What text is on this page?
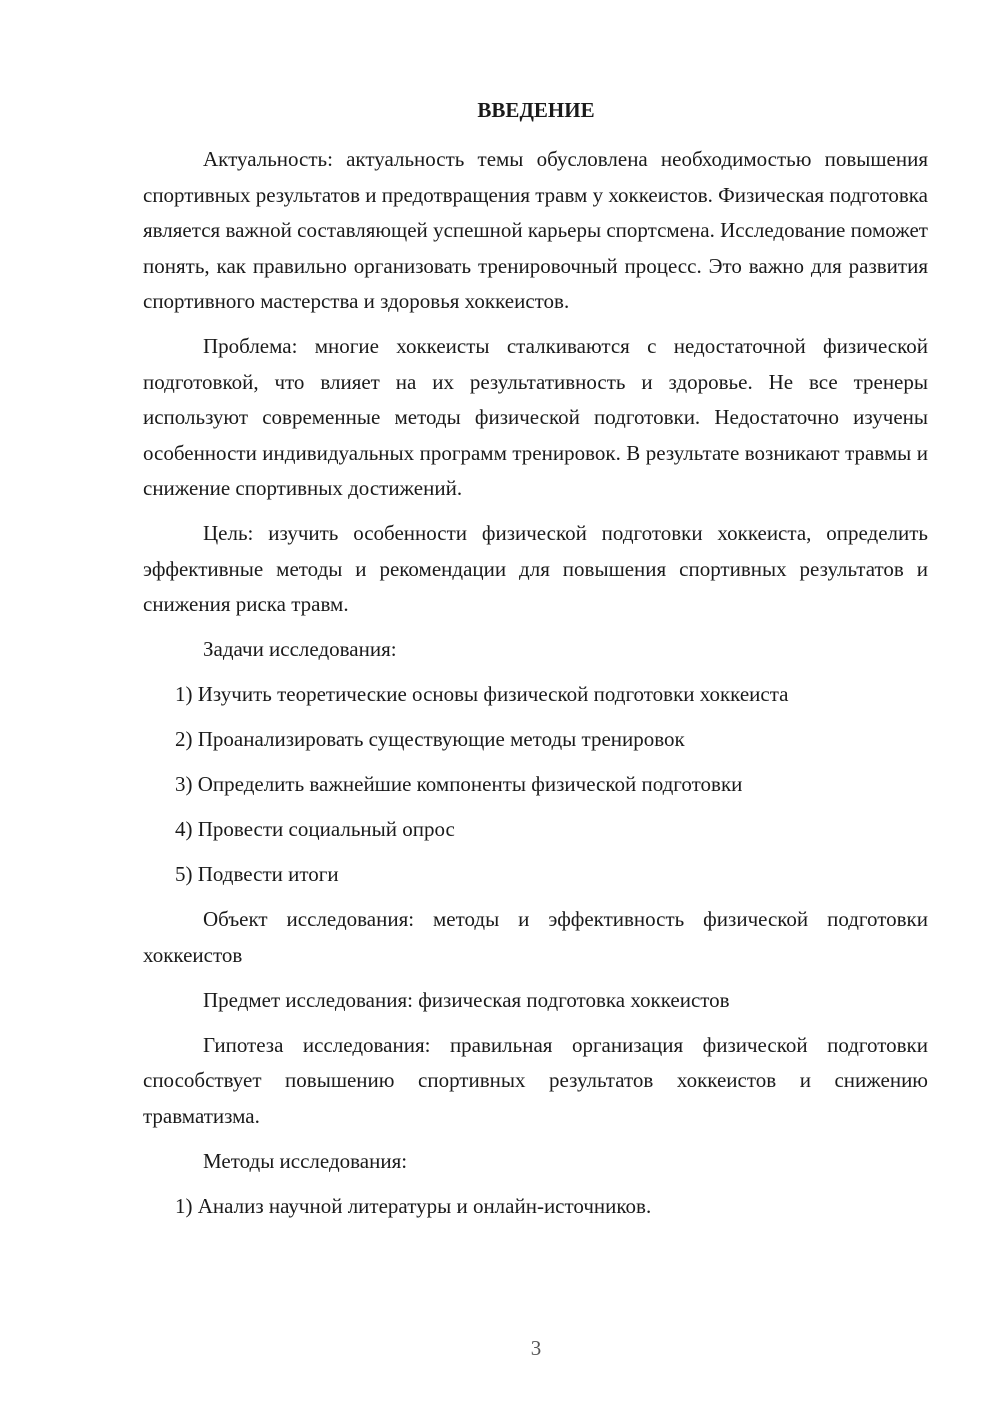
ВВЕДЕНИЕ

Актуальность: актуальность темы обусловлена необходимостью повышения спортивных результатов и предотвращения травм у хоккеистов. Физическая подготовка является важной составляющей успешной карьеры спортсмена. Исследование поможет понять, как правильно организовать тренировочный процесс. Это важно для развития спортивного мастерства и здоровья хоккеистов.

Проблема: многие хоккеисты сталкиваются с недостаточной физической подготовкой, что влияет на их результативность и здоровье. Не все тренеры используют современные методы физической подготовки. Недостаточно изучены особенности индивидуальных программ тренировок. В результате возникают травмы и снижение спортивных достижений.

Цель: изучить особенности физической подготовки хоккеиста, определить эффективные методы и рекомендации для повышения спортивных результатов и снижения риска травм.

Задачи исследования:

1) Изучить теоретические основы физической подготовки хоккеиста

2) Проанализировать существующие методы тренировок

3) Определить важнейшие компоненты физической подготовки

4) Провести социальный опрос

5) Подвести итоги

Объект исследования: методы и эффективность физической подготовки хоккеистов

Предмет исследования: физическая подготовка хоккеистов

Гипотеза исследования: правильная организация физической подготовки способствует повышению спортивных результатов хоккеистов и снижению травматизма.

Методы исследования:

1) Анализ научной литературы и онлайн-источников.

3
